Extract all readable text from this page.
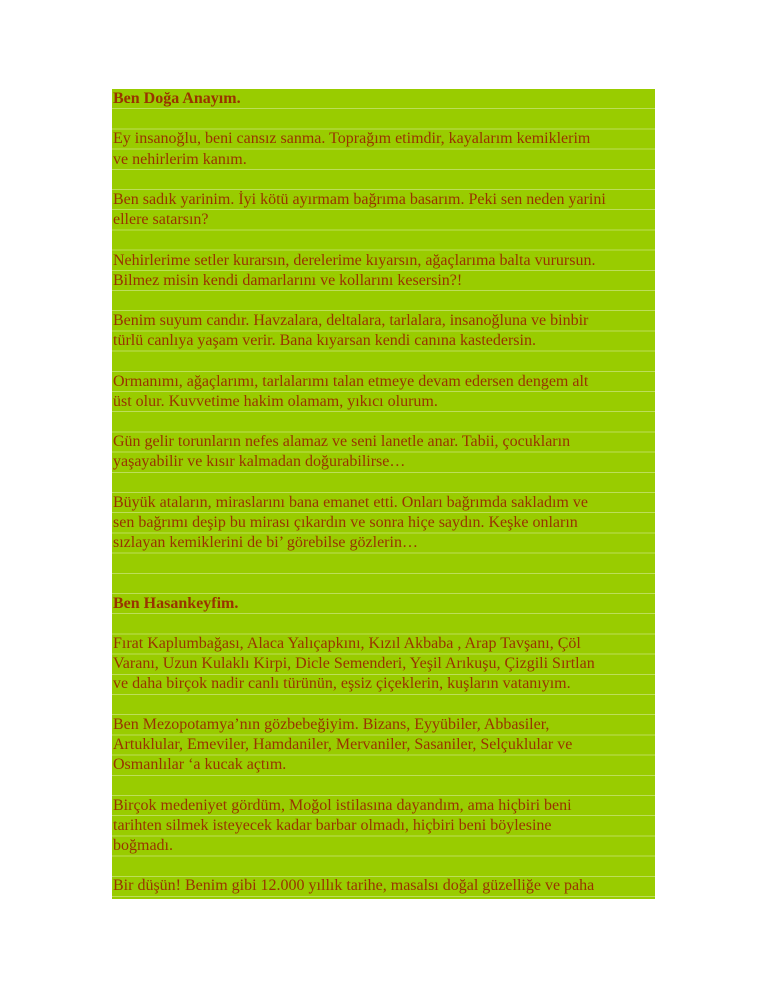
Ben Doğa Anayım.
Ey insanoğlu, beni cansız sanma. Toprağım etimdir, kayalarım kemiklerim
ve nehirlerim kanım.
Ben sadık yarinim. İyi kötü ayırmam bağrıma basarım. Peki sen neden yarini
ellere satarsın?
Nehirlerime setler kurarsın, derelerime kıyarsın, ağaçlarıma balta vurursun.
Bilmez misin kendi damarlarını ve kollarını kesersin?!
Benim suyum candır. Havzalara, deltalara, tarlalara, insanoğluna ve binbir
türlü canlıya yaşam verir. Bana kıyarsan kendi canına kastedersin.
Ormanımı, ağaçlarımı, tarlalarımı talan etmeye devam edersen dengem alt
üst olur. Kuvvetime hakim olamam, yıkıcı olurum.
Gün gelir torunların nefes alamaz ve seni lanetle anar. Tabii, çocukların
yaşayabilir ve kısır kalmadan doğurabilirse…
Büyük ataların, miraslarını bana emanet etti. Onları bağrımda sakladım ve
sen bağrımı deşip bu mirası çıkardın ve sonra hiçe saydın. Keşke onların
sızlayan kemiklerini de bi’ görebilse gözlerin…
Ben Hasankeyfim.
Fırat Kaplumbağası, Alaca Yalıçapkını, Kızıl Akbaba , Arap Tavşanı, Çöl
Varanı, Uzun Kulaklı Kirpi, Dicle Semenderi, Yeşil Arıkuşu, Çizgili Sırtlan
ve daha birçok nadir canlı türünün, eşsiz çiçeklerin, kuşların vatanıyım.
Ben Mezopotamya’nın gözbebeğiyim. Bizans, Eyyübiler, Abbasiler,
Artuklular, Emeviler, Hamdaniler, Mervaniler, Sasaniler, Selçuklular ve
Osmanlılar ‘a kucak açtım.
Birçok medeniyet gördüm, Moğol istilasına dayandım, ama hiçbiri beni
tarihten silmek isteyecek kadar barbar olmadı, hiçbiri beni böylesine
boğmadı.
Bir düşün! Benim gibi 12.000 yıllık tarihe, masalsı doğal güzelliğe ve paha
